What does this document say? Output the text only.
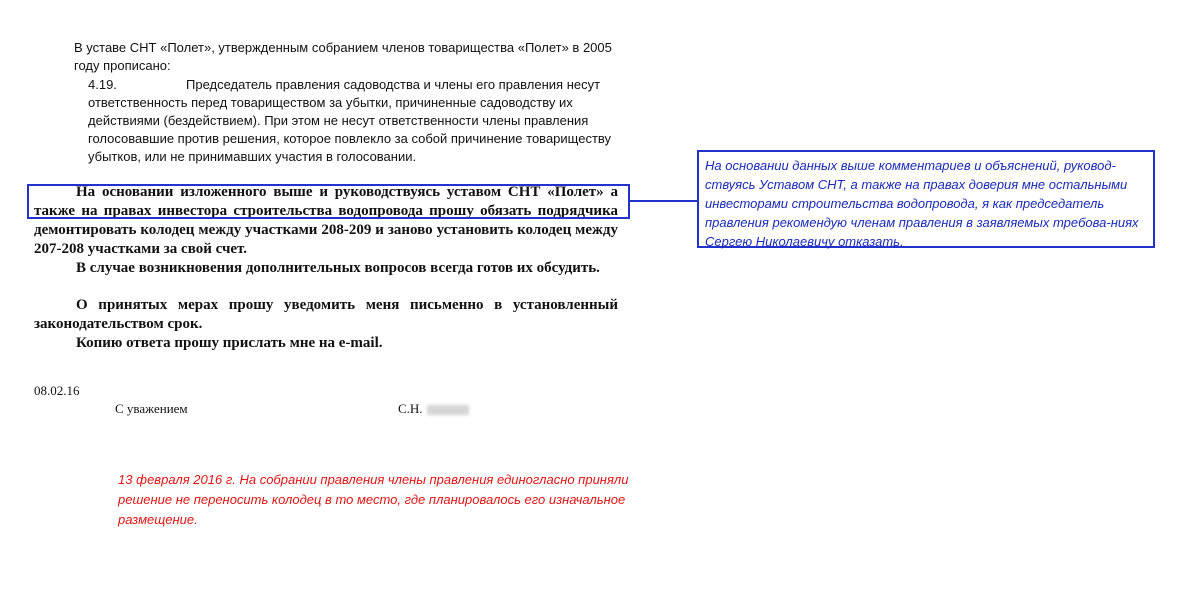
В уставе СНТ «Полет», утвержденным собранием членов товарищества «Полет» в 2005 году прописано:
4.19.	Председатель правления садоводства и члены его правления несут ответственность перед товариществом за убытки, причиненные садоводству их действиями (бездействием). При этом не несут ответственности члены правления голосовавшие против решения, которое повлекло за собой причинение товариществу убытков, или не принимавших участия в голосовании.

На основании изложенного выше и руководствуясь уставом СНТ «Полет» а также на правах инвестора строительства водопровода прошу обязать подрядчика демонтировать колодец между участками 208-209 и заново установить колодец между 207-208 участками за свой счет.

В случае возникновения дополнительных вопросов всегда готов их обсудить.

О принятых мерах прошу уведомить меня письменно в установленный законодательством срок.

Копию ответа прошу прислать мне на e-mail.

08.02.16
С уважением	С.Н.
На основании данных выше комментариев и объяснений, руковод-ствуясь Уставом СНТ, а также на правах доверия мне остальными инвесторами строительства водопровода, я как председатель правления рекомендую членам правления в заявляемых требова-ниях Сергею Николаевичу отказать.
13 февраля 2016 г. На собрании правления члены правления единогласно приняли решение не переносить колодец в то место, где планировалось его изначальное размещение.
